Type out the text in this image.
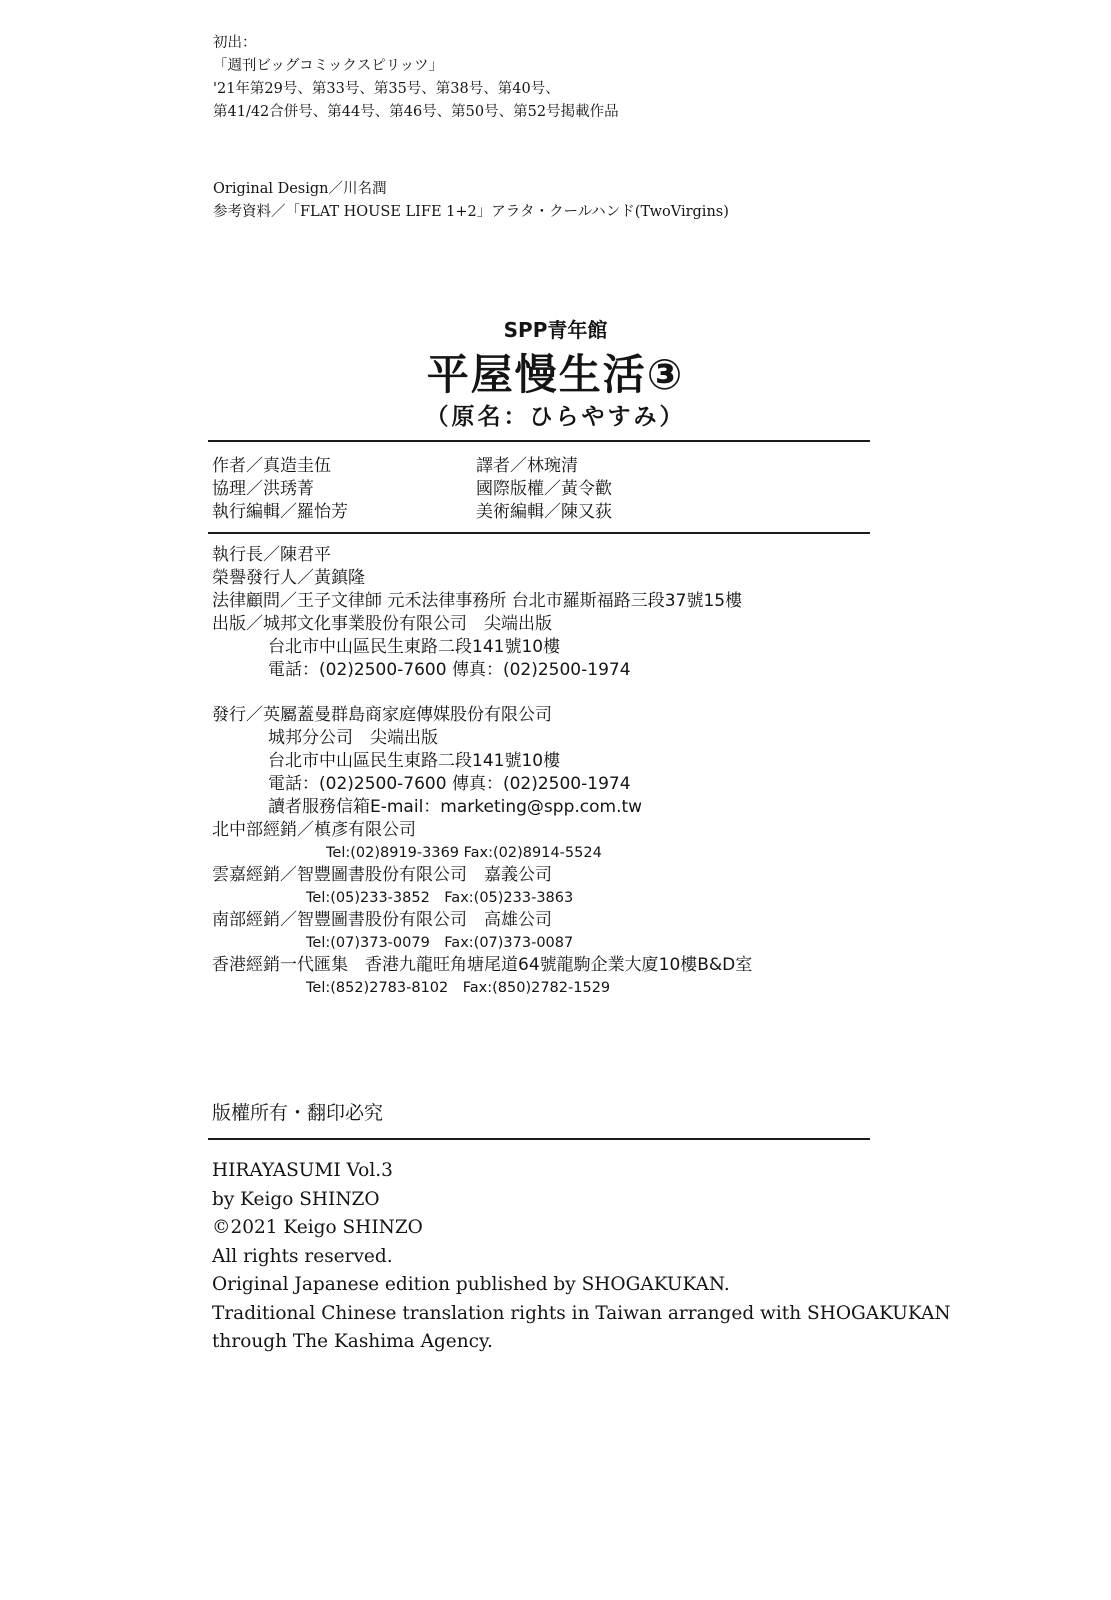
初出：
「週刊ビッグコミックスピリッツ」
'21年第29号、第33号、第35号、第38号、第40号、
第41/42合併号、第44号、第46号、第50号、第52号掲載作品
Original Design／川名潤
参考資料／「FLAT HOUSE LIFE 1+2」アラタ・クールハンド(TwoVirgins)
SPP青年館
平屋慢生活③
（原名：ひらやすみ）
作者／真造圭伍
協理／洪琇菁
執行編輯／羅怡芳
譯者／林琬清
國際版權／黃令歡
美術編輯／陳又荻
執行長／陳君平
榮譽發行人／黃鎮隆
法律顧問／王子文律師 元禾法律事務所 台北市羅斯福路三段37號15樓
出版／城邦文化事業股份有限公司　尖端出版
台北市中山區民生東路二段141號10樓
電話：(02)2500-7600 傳真：(02)2500-1974
發行／英屬蓋曼群島商家庭傳媒股份有限公司
城邦分公司　尖端出版
台北市中山區民生東路二段141號10樓
電話：(02)2500-7600 傳真：(02)2500-1974
讀者服務信箱E-mail：marketing@spp.com.tw
北中部經銷／槙彥有限公司
Tel:(02)8919-3369 Fax:(02)8914-5524
雲嘉經銷／智豐圖書股份有限公司　嘉義公司
Tel:(05)233-3852　Fax:(05)233-3863
南部經銷／智豐圖書股份有限公司　高雄公司
Tel:(07)373-0079　Fax:(07)373-0087
香港經銷一代匯集　香港九龍旺角塘尾道64號龍駒企業大廈10樓B&D室
Tel:(852)2783-8102　Fax:(850)2782-1529
版權所有・翻印必究
HIRAYASUMI Vol.3
by Keigo SHINZO
©2021 Keigo SHINZO
All rights reserved.
Original Japanese edition published by SHOGAKUKAN.
Traditional Chinese translation rights in Taiwan arranged with SHOGAKUKAN
through The Kashima Agency.
